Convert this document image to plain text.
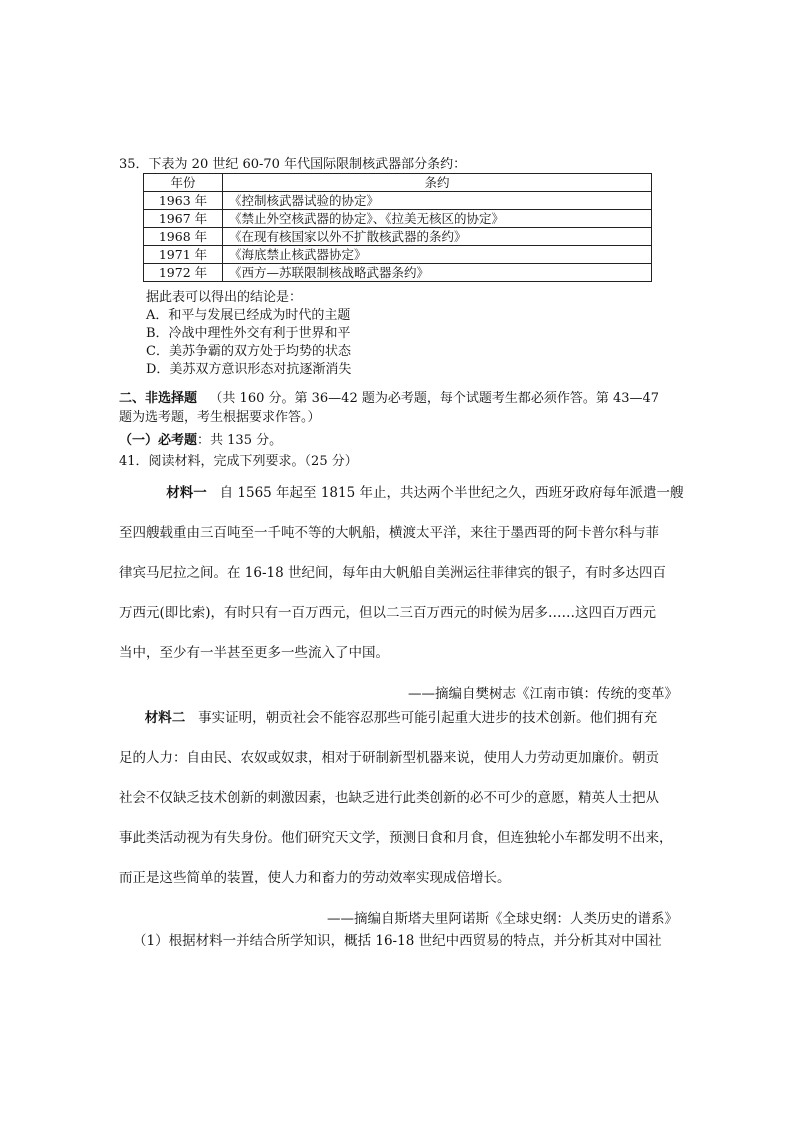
35．下表为 20 世纪 60-70 年代国际限制核武器部分条约：
年份	条约
1963 年	《控制核武器试验的协定》
1967 年	《禁止外空核武器的协定》、《拉美无核区的协定》
1968 年	《在现有核国家以外不扩散核武器的条约》
1971 年	《海底禁止核武器协定》
1972 年	《西方—苏联限制核战略武器条约》
据此表可以得出的结论是：
A．和平与发展已经成为时代的主题
B．冷战中理性外交有利于世界和平
C．美苏争霸的双方处于均势的状态
D．美苏双方意识形态对抗逐渐消失
二、非选择题 （共 160 分。第 36—42 题为必考题，每个试题考生都必须作答。第 43—47
题为选考题，考生根据要求作答。）
（一）必考题：共 135 分。
41．阅读材料，完成下列要求。（25 分）
材料一 自 1565 年起至 1815 年止，共达两个半世纪之久，西班牙政府每年派遣一艘
至四艘载重由三百吨至一千吨不等的大帆船，横渡太平洋，来往于墨西哥的阿卡普尔科与菲
律宾马尼拉之间。在 16-18 世纪间，每年由大帆船自美洲运往菲律宾的银子，有时多达四百
万西元(即比索)，有时只有一百万西元，但以二三百万西元的时候为居多……这四百万西元
当中，至少有一半甚至更多一些流入了中国。
——摘编自樊树志《江南市镇：传统的变革》
材料二 事实证明，朝贡社会不能容忍那些可能引起重大进步的技术创新。他们拥有充
足的人力：自由民、农奴或奴隶，相对于研制新型机器来说，使用人力劳动更加廉价。朝贡
社会不仅缺乏技术创新的刺激因素，也缺乏进行此类创新的必不可少的意愿，精英人士把从
事此类活动视为有失身份。他们研究天文学，预测日食和月食，但连独轮小车都发明不出来，
而正是这些简单的装置，使人力和畜力的劳动效率实现成倍增长。
——摘编自斯塔夫里阿诺斯《全球史纲：人类历史的谱系》
（1）根据材料一并结合所学知识，概括 16-18 世纪中西贸易的特点，并分析其对中国社
